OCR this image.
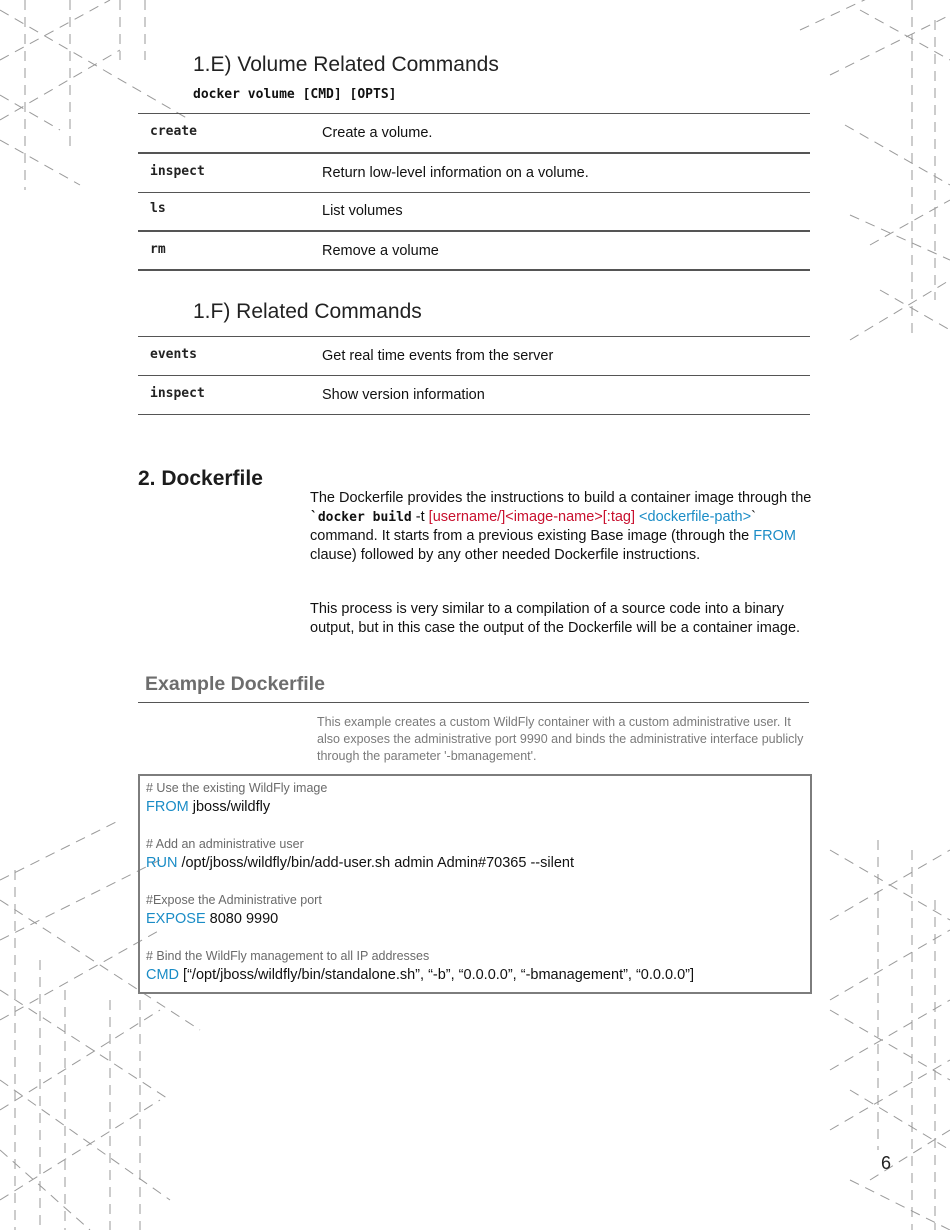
1.E) Volume Related Commands

docker volume [CMD] [OPTS]

create	Create a volume.
inspect	Return low-level information on a volume.
ls	List volumes
rm	Remove a volume
1.F) Related Commands
events	Get real time events from the server
inspect	Show version information
2. Dockerfile

The Dockerfile provides the instructions to build a container image through the `docker build -t [username/]<image-name>[:tag] <dockerfile-path>` command. It starts from a previous existing Base image (through the FROM clause) followed by any other needed Dockerfile instructions.

This process is very similar to a compilation of a source code into a binary output, but in this case the output of the Dockerfile will be a container image.

Example Dockerfile

This example creates a custom WildFly container with a custom administrative user. It also exposes the administrative port 9990 and binds the administrative interface publicly through the parameter '-bmanagement'.

# Use the existing WildFly image
FROM jboss/wildfly
# Add an administrative user
RUN /opt/jboss/wildfly/bin/add-user.sh admin Admin#70365 --silent
#Expose the Administrative port
EXPOSE 8080 9990
# Bind the WildFly management to all IP addresses
CMD [“/opt/jboss/wildfly/bin/standalone.sh”, “-b”, “0.0.0.0”, “-bmanagement”, “0.0.0.0”]
6
